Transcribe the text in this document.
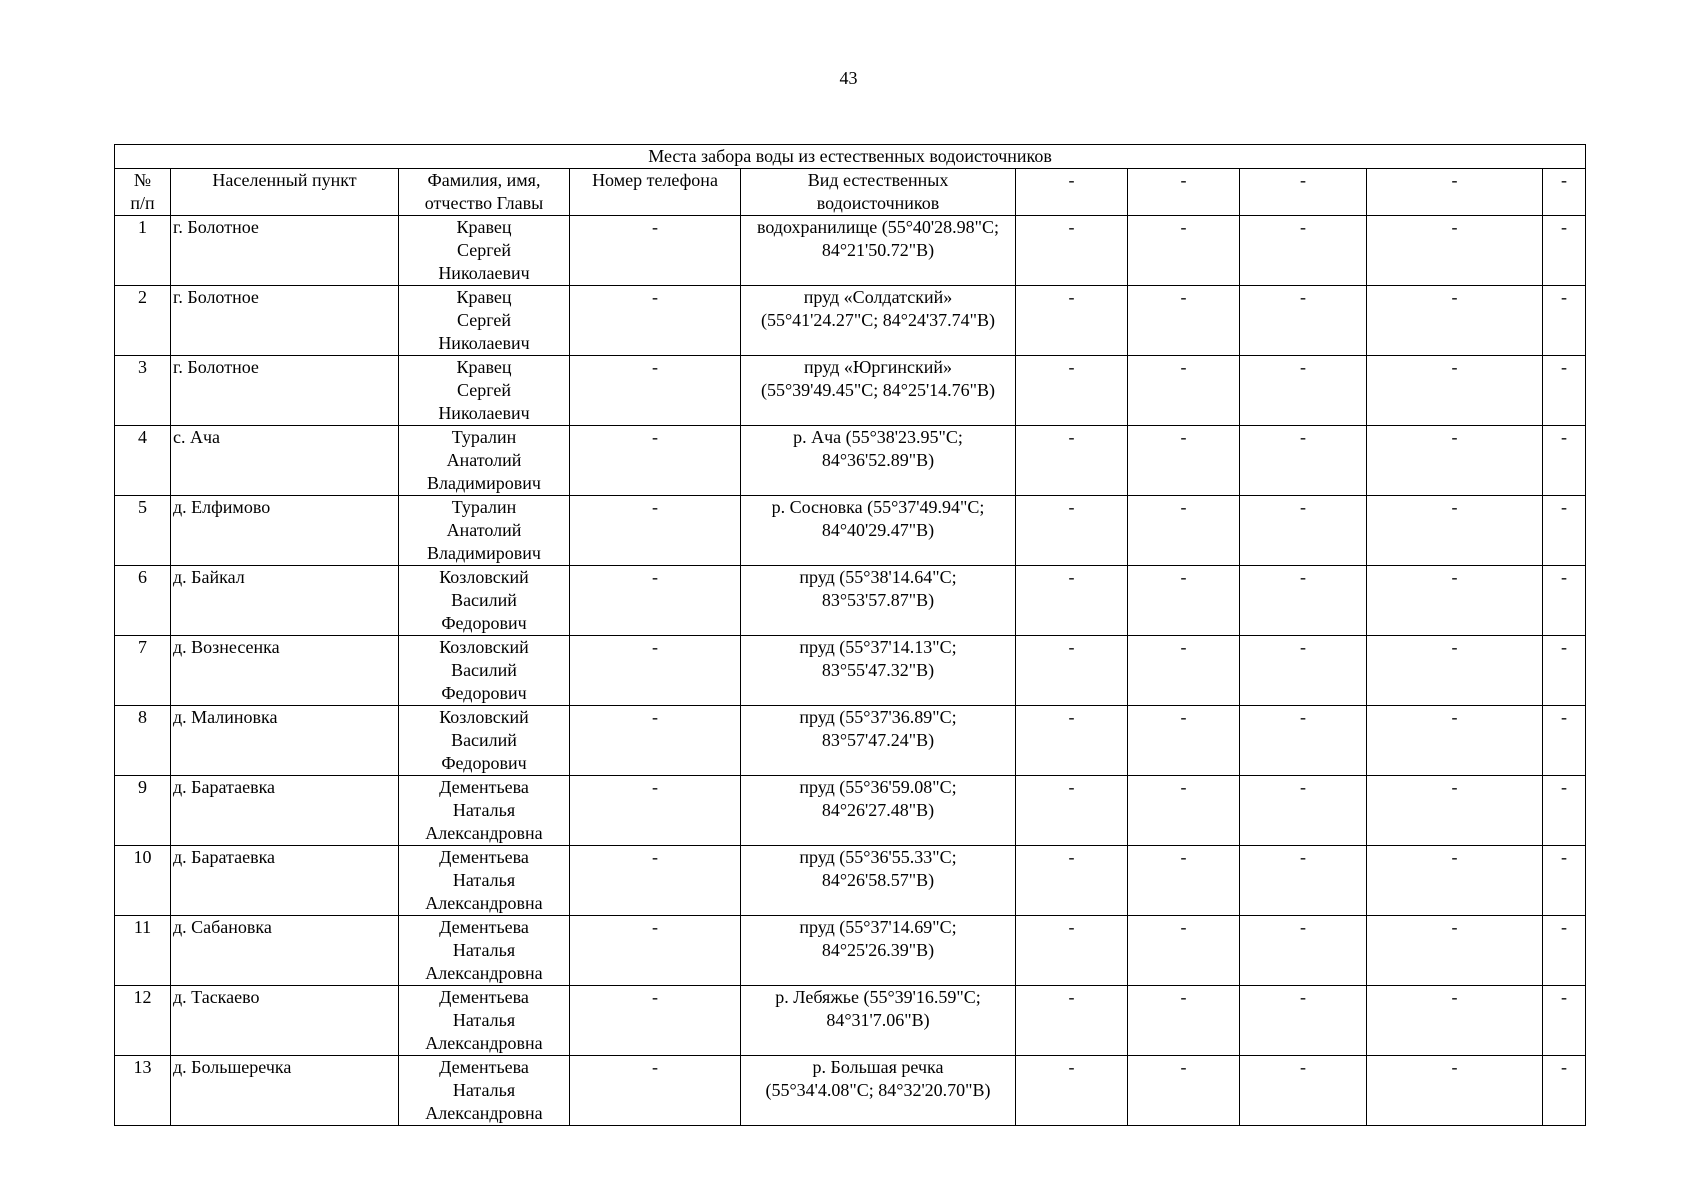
43
Места забора воды из естественных водоисточников									
№
п/п	Населенный пункт	Фамилия, имя,
отчество Главы	Номер телефона	Вид естественных
водоисточников	-	-	-	-	-
1	г. Болотное	Кравец
Сергей
Николаевич	-	водохранилище (55°40'28.98"С;
84°21'50.72"В)	-	-	-	-	-
2	г. Болотное	Кравец
Сергей
Николаевич	-	пруд «Солдатский»
(55°41'24.27"С; 84°24'37.74"В)	-	-	-	-	-
3	г. Болотное	Кравец
Сергей
Николаевич	-	пруд «Юргинский»
(55°39'49.45"С; 84°25'14.76"В)	-	-	-	-	-
4	с. Ача	Туралин
Анатолий
Владимирович	-	р. Ача (55°38'23.95"С;
84°36'52.89"В)	-	-	-	-	-
5	д. Елфимово	Туралин
Анатолий
Владимирович	-	р. Сосновка (55°37'49.94"С;
84°40'29.47"В)	-	-	-	-	-
6	д. Байкал	Козловский
Василий
Федорович	-	пруд (55°38'14.64"С;
83°53'57.87"В)	-	-	-	-	-
7	д. Вознесенка	Козловский
Василий
Федорович	-	пруд (55°37'14.13"С;
83°55'47.32"В)	-	-	-	-	-
8	д. Малиновка	Козловский
Василий
Федорович	-	пруд (55°37'36.89"С;
83°57'47.24"В)	-	-	-	-	-
9	д. Баратаевка	Дементьева
Наталья
Александровна	-	пруд (55°36'59.08"С;
84°26'27.48"В)	-	-	-	-	-
10	д. Баратаевка	Дементьева
Наталья
Александровна	-	пруд (55°36'55.33"С;
84°26'58.57"В)	-	-	-	-	-
11	д. Сабановка	Дементьева
Наталья
Александровна	-	пруд (55°37'14.69"С;
84°25'26.39"В)	-	-	-	-	-
12	д. Таскаево	Дементьева
Наталья
Александровна	-	р. Лебяжье (55°39'16.59"С;
84°31'7.06"В)	-	-	-	-	-
13	д. Большеречка	Дементьева
Наталья
Александровна	-	р. Большая речка
(55°34'4.08"С; 84°32'20.70"В)	-	-	-	-	-
